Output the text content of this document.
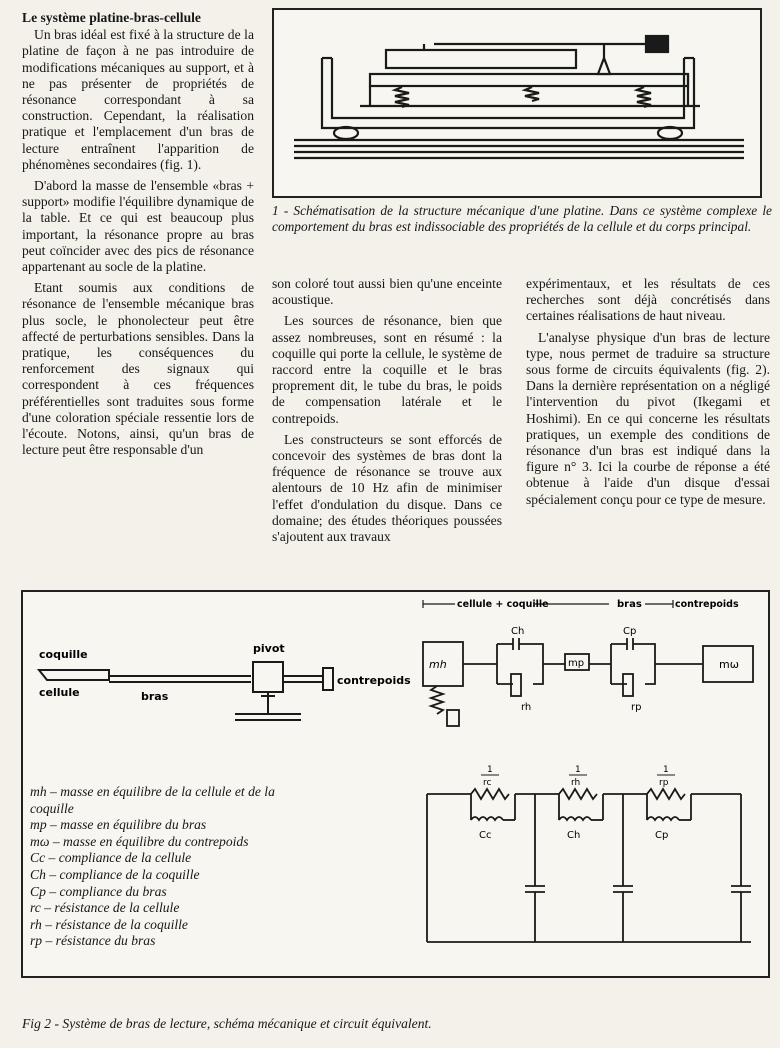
Le système platine-bras-cellule

Un bras idéal est fixé à la structure de la platine de façon à ne pas introduire de modifications mécaniques au support, et à ne pas présenter de propriétés de résonance correspondant à sa construction. Cependant, la réalisation pratique et l'emplacement d'un bras de lecture entraînent l'apparition de phénomènes secondaires (fig. 1).

D'abord la masse de l'ensemble «bras + support» modifie l'équilibre dynamique de la table. Et ce qui est beaucoup plus important, la résonance propre au bras peut coïncider avec des pics de résonance appartenant au socle de la platine.

Etant soumis aux conditions de résonance de l'ensemble mécanique bras plus socle, le phonolecteur peut être affecté de perturbations sensibles. Dans la pratique, les conséquences du renforcement des signaux qui correspondent à ces fréquences préférentielles sont traduites sous forme d'une coloration spéciale ressentie lors de l'écoute. Notons, ainsi, qu'un bras de lecture peut être responsable d'un

1 - Schématisation de la structure mécanique d'une platine. Dans ce système complexe le comportement du bras est indissociable des propriétés de la cellule et du corps principal.

son coloré tout aussi bien qu'une enceinte acoustique.

Les sources de résonance, bien que assez nombreuses, sont en résumé : la coquille qui porte la cellule, le système de raccord entre la coquille et le bras proprement dit, le tube du bras, le poids de compensation latérale et le contrepoids.

Les constructeurs se sont efforcés de concevoir des systèmes de bras dont la fréquence de résonance se trouve aux alentours de 10 Hz afin de minimiser l'effet d'ondulation du disque. Dans ce domaine; des études théoriques poussées s'ajoutent aux travaux

expérimentaux, et les résultats de ces recherches sont déjà concrétisés dans certaines réalisations de haut niveau.

L'analyse physique d'un bras de lecture type, nous permet de traduire sa structure sous forme de circuits équivalents (fig. 2). Dans la dernière représentation on a négligé l'intervention du pivot (Ikegami et Hoshimi). En ce qui concerne les résultats pratiques, un exemple des conditions de résonance d'un bras est indiqué dans la figure n° 3. Ici la courbe de réponse a été obtenue à l'aide d'un disque d'essai spécialement conçu pour ce type de mesure.

coquille
cellule	bras
pivot
contrepoids
cellule + coquille	bras	contrepoids
mh
Ch
rh
mp
Cp
rp
mω
1
rc
1
rh
1
rp
Cc	Ch	Cp
mh – masse en équilibre de la cellule et de la
coquille
mp – masse en équilibre du bras
mω – masse en équilibre du contrepoids
Cc – compliance de la cellule
Ch – compliance de la coquille
Cp – compliance du bras
rc – résistance de la cellule
rh – résistance de la coquille
rp – résistance du bras
Fig 2 - Système de bras de lecture, schéma mécanique et circuit équivalent.
